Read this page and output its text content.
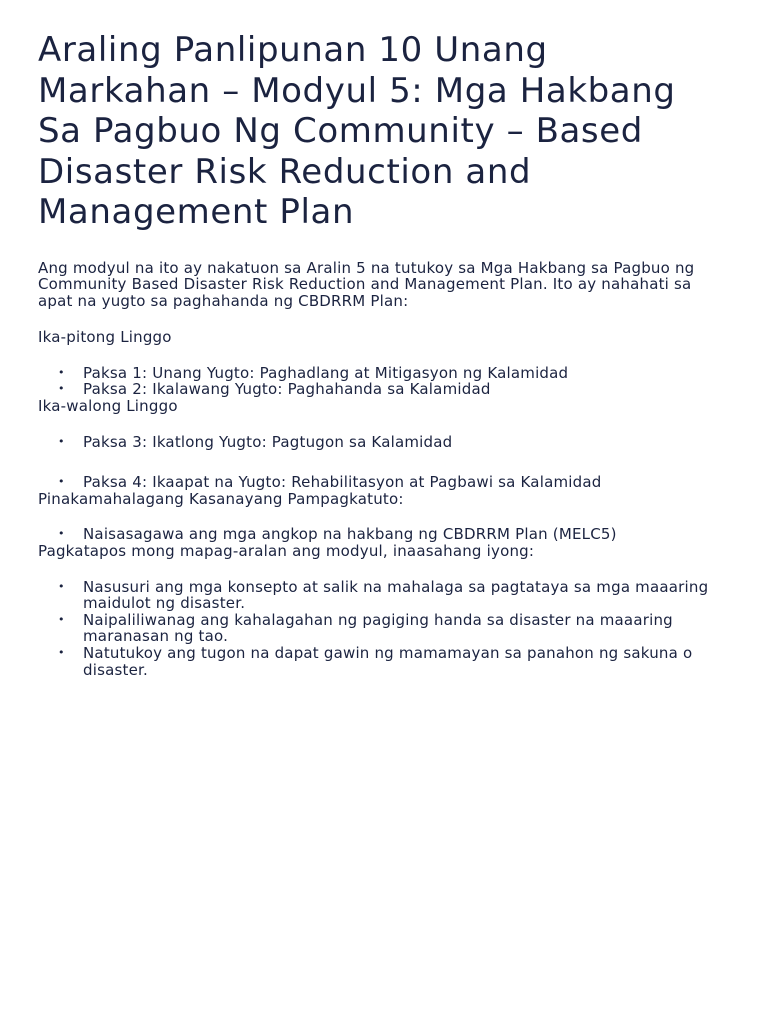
Araling Panlipunan 10 Unang Markahan – Modyul 5: Mga Hakbang Sa Pagbuo Ng Community – Based Disaster Risk Reduction and Management Plan

Ang modyul na ito ay nakatuon sa Aralin 5 na tutukoy sa Mga Hakbang sa Pagbuo ng Community Based Disaster Risk Reduction and Management Plan. Ito ay nahahati sa apat na yugto sa paghahanda ng CBDRRM Plan:

Ika-pitong Linggo

• Paksa 1: Unang Yugto: Paghadlang at Mitigasyon ng Kalamidad
• Paksa 2: Ikalawang Yugto: Paghahanda sa Kalamidad

Ika-walong Linggo

• Paksa 3: Ikatlong Yugto: Pagtugon sa Kalamidad
• Paksa 4: Ikaapat na Yugto: Rehabilitasyon at Pagbawi sa Kalamidad

Pinakamahalagang Kasanayang Pampagkatuto:

• Naisasagawa ang mga angkop na hakbang ng CBDRRM Plan (MELC5)

Pagkatapos mong mapag-aralan ang modyul, inaasahang iyong:

• Nasusuri ang mga konsepto at salik na mahalaga sa pagtataya sa mga maaaring maidulot ng disaster.
• Naipaliliwanag ang kahalagahan ng pagiging handa sa disaster na maaaring maranasan ng tao.
• Natutukoy ang tugon na dapat gawin ng mamamayan sa panahon ng sakuna o disaster.
